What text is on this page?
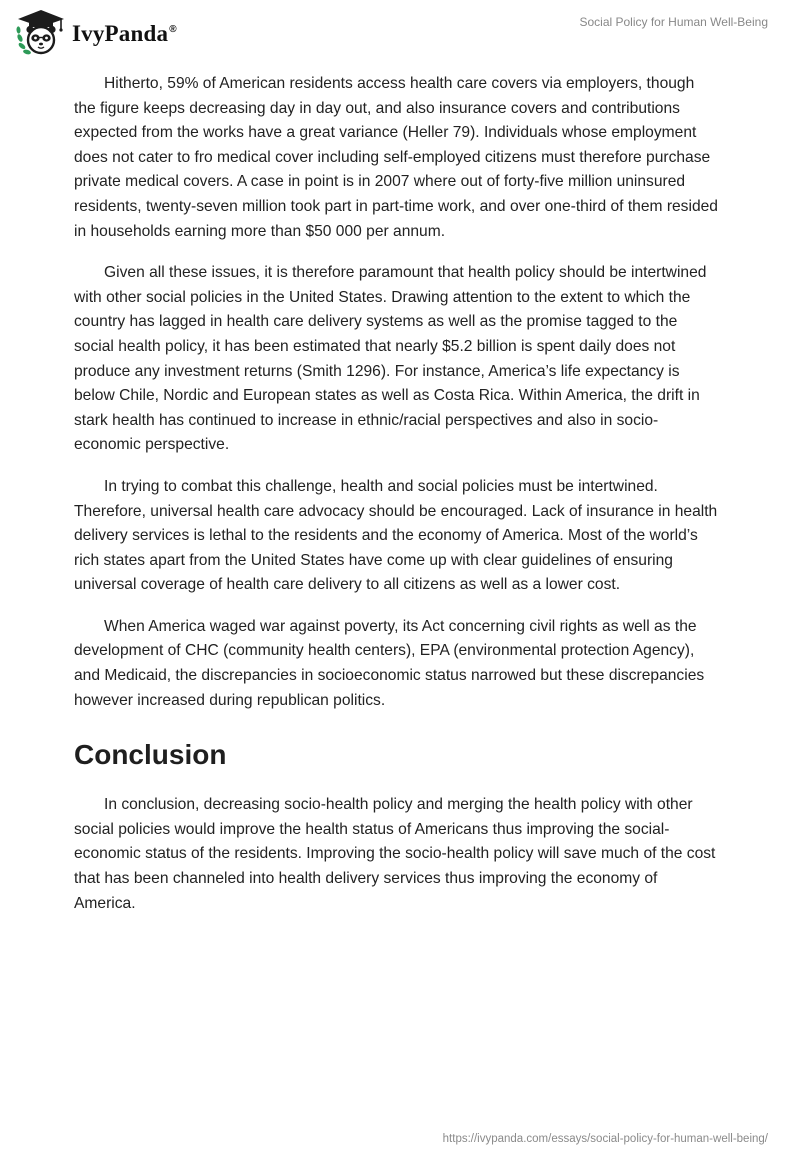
IvyPanda®
Social Policy for Human Well-Being

Hitherto, 59% of American residents access health care covers via employers, though the figure keeps decreasing day in day out, and also insurance covers and contributions expected from the works have a great variance (Heller 79). Individuals whose employment does not cater to fro medical cover including self-employed citizens must therefore purchase private medical covers. A case in point is in 2007 where out of forty-five million uninsured residents, twenty-seven million took part in part-time work, and over one-third of them resided in households earning more than $50 000 per annum.

Given all these issues, it is therefore paramount that health policy should be intertwined with other social policies in the United States. Drawing attention to the extent to which the country has lagged in health care delivery systems as well as the promise tagged to the social health policy, it has been estimated that nearly $5.2 billion is spent daily does not produce any investment returns (Smith 1296). For instance, America’s life expectancy is below Chile, Nordic and European states as well as Costa Rica. Within America, the drift in stark health has continued to increase in ethnic/racial perspectives and also in socio-economic perspective.

In trying to combat this challenge, health and social policies must be intertwined. Therefore, universal health care advocacy should be encouraged. Lack of insurance in health delivery services is lethal to the residents and the economy of America. Most of the world’s rich states apart from the United States have come up with clear guidelines of ensuring universal coverage of health care delivery to all citizens as well as a lower cost.

When America waged war against poverty, its Act concerning civil rights as well as the development of CHC (community health centers), EPA (environmental protection Agency), and Medicaid, the discrepancies in socioeconomic status narrowed but these discrepancies however increased during republican politics.

Conclusion

In conclusion, decreasing socio-health policy and merging the health policy with other social policies would improve the health status of Americans thus improving the social-economic status of the residents. Improving the socio-health policy will save much of the cost that has been channeled into health delivery services thus improving the economy of America.

https://ivypanda.com/essays/social-policy-for-human-well-being/
